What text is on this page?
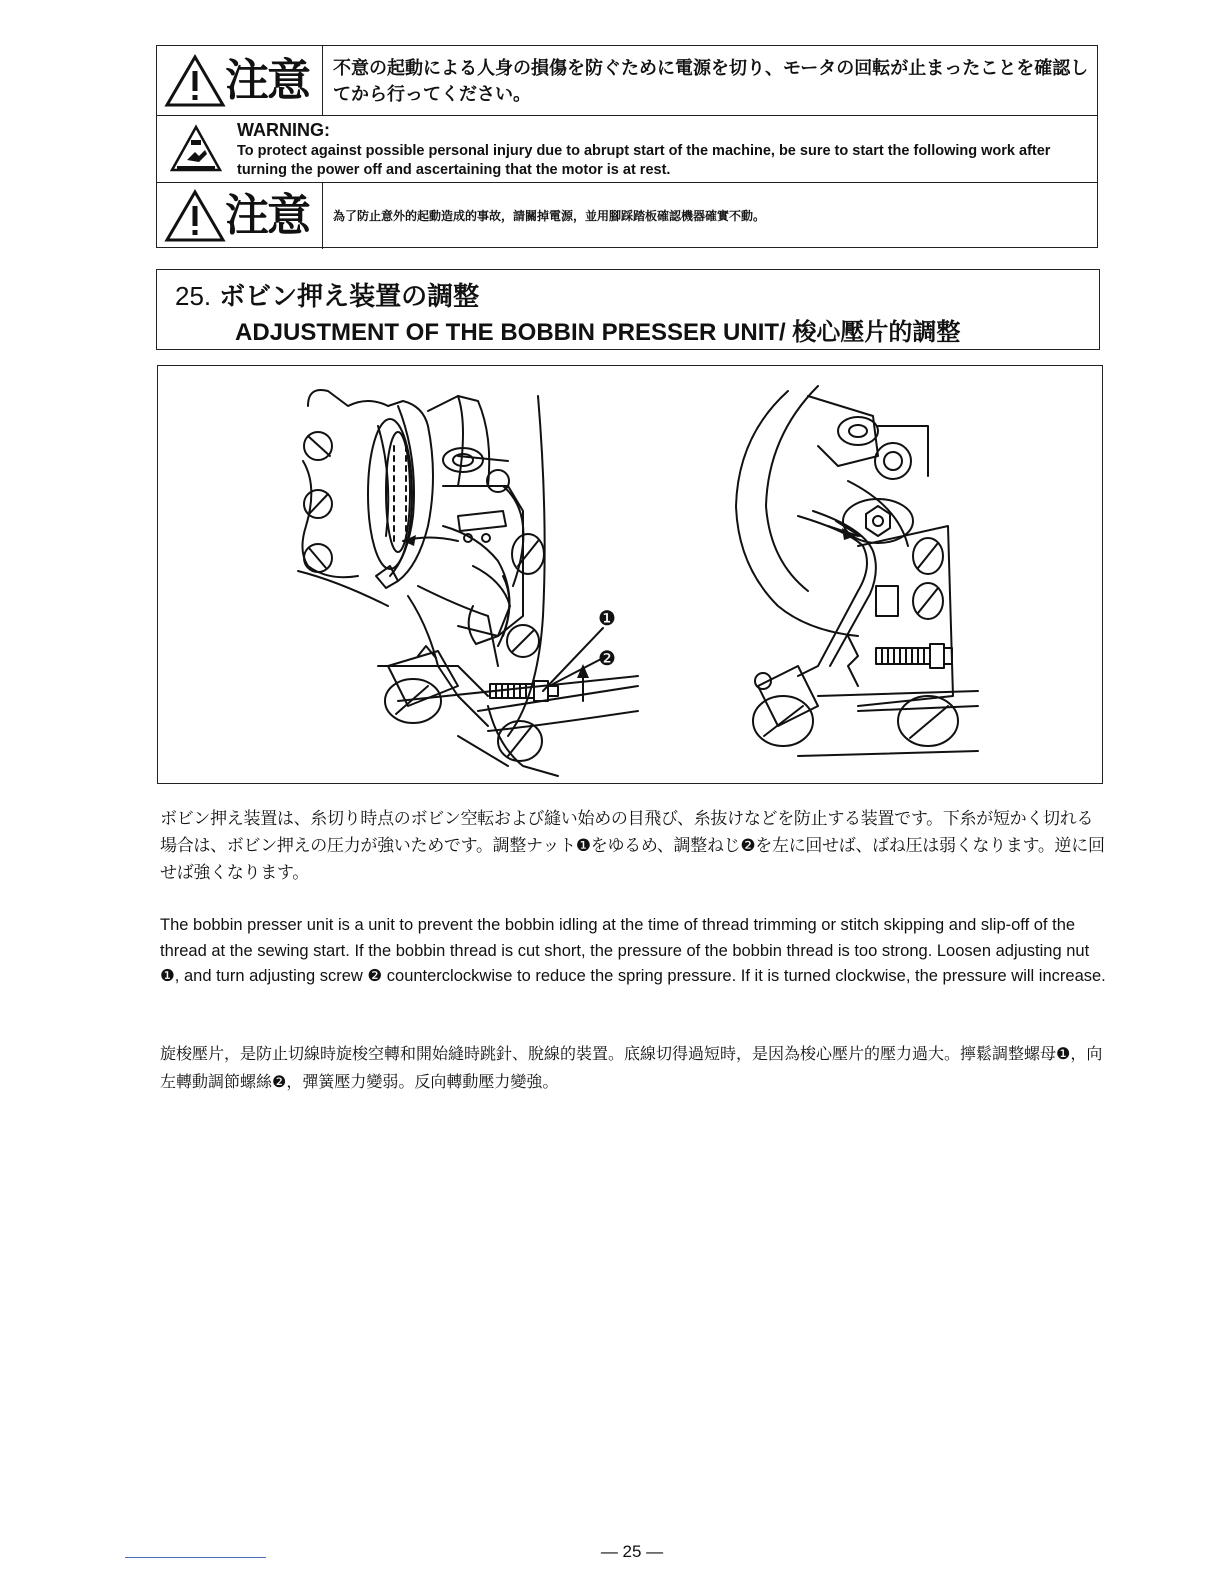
注意 不意の起動による人身の損傷を防ぐために電源を切り、モータの回転が止まったことを確認してから行ってください。
WARNING:
To protect against possible personal injury due to abrupt start of the machine, be sure to start the following work after turning the power off and ascertaining that the motor is at rest.
注意 為了防止意外的起動造成的事故，請關掉電源，並用腳踩踏板確認機器確實不動。
25. ボビン押え装置の調整
ADJUSTMENT OF THE BOBBIN PRESSER UNIT/ 梭心壓片的調整
❶
❷
ボビン押え装置は、糸切り時点のボビン空転および縫い始めの目飛び、糸抜けなどを防止する装置です。下糸が短かく切れる場合は、ボビン押えの圧力が強いためです。調整ナット❶をゆるめ、調整ねじ❷を左に回せば、ばね圧は弱くなります。逆に回せば強くなります。
The bobbin presser unit is a unit to prevent the bobbin idling at the time of thread trimming or stitch skipping and slip-off of the thread at the sewing start. If the bobbin thread is cut short, the pressure of the bobbin thread is too strong. Loosen adjusting nut ❶, and turn adjusting screw ❷ counterclockwise to reduce the spring pressure. If it is turned clockwise, the pressure will increase.
旋梭壓片，是防止切線時旋梭空轉和開始縫時跳針、脫線的裝置。底線切得過短時，是因為梭心壓片的壓力過大。擰鬆調整螺母❶，向左轉動調節螺絲❷，彈簧壓力變弱。反向轉動壓力變強。
— 25 —
